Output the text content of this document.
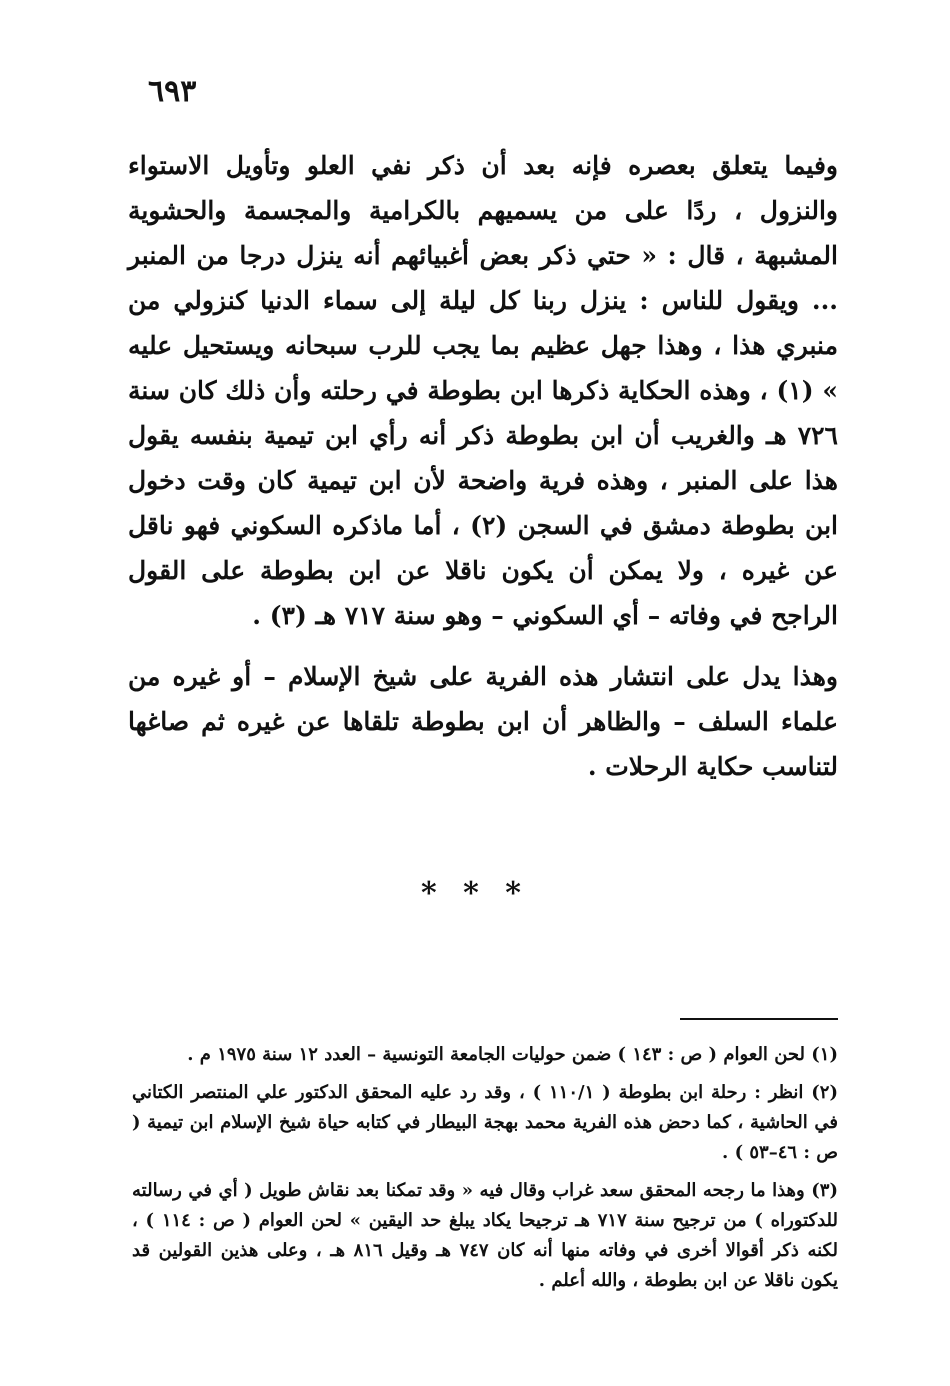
٦٩٣

وفيما يتعلق بعصره فإنه بعد أن ذكر نفي العلو وتأويل الاستواء والنزول ، ردًا على من يسميهم بالكرامية والمجسمة والحشوية المشبهة ، قال : « حتي ذكر بعض أغبيائهم أنه ينزل درجا من المنبر ... ويقول للناس : ينزل ربنا كل ليلة إلى سماء الدنيا كنزولي من منبري هذا ، وهذا جهل عظيم بما يجب للرب سبحانه ويستحيل عليه » (١) ، وهذه الحكاية ذكرها ابن بطوطة في رحلته وأن ذلك كان سنة ٧٢٦ هـ والغريب أن ابن بطوطة ذكر أنه رأي ابن تيمية بنفسه يقول هذا على المنبر ، وهذه فرية واضحة لأن ابن تيمية كان وقت دخول ابن بطوطة دمشق في السجن (٢) ، أما ماذكره السكوني فهو ناقل عن غيره ، ولا يمكن أن يكون ناقلا عن ابن بطوطة على القول الراجح في وفاته – أي السكوني – وهو سنة ٧١٧ هـ (٣) .

وهذا يدل على انتشار هذه الفرية على شيخ الإسلام – أو غيره من علماء السلف – والظاهر أن ابن بطوطة تلقاها عن غيره ثم صاغها لتناسب حكاية الرحلات .

* * *

(١) لحن العوام ( ص : ١٤٣ ) ضمن حوليات الجامعة التونسية – العدد ١٢ سنة ١٩٧٥ م .

(٢) انظر : رحلة ابن بطوطة ( ١١٠/١ ) ، وقد رد عليه المحقق الدكتور علي المنتصر الكتاني في الحاشية ، كما دحض هذه الفرية محمد بهجة البيطار في كتابه حياة شيخ الإسلام ابن تيمية ( ص : ٤٦–٥٣ ) .

(٣) وهذا ما رجحه المحقق سعد غراب وقال فيه « وقد تمكنا بعد نقاش طويل ( أي في رسالته للدكتوراه ) من ترجيح سنة ٧١٧ هـ ترجيحا يكاد يبلغ حد اليقين » لحن العوام ( ص : ١١٤ ) ، لكنه ذكر أقوالا أخرى في وفاته منها أنه كان ٧٤٧ هـ وقيل ٨١٦ هـ ، وعلى هذين القولين قد يكون ناقلا عن ابن بطوطة ، والله أعلم .
